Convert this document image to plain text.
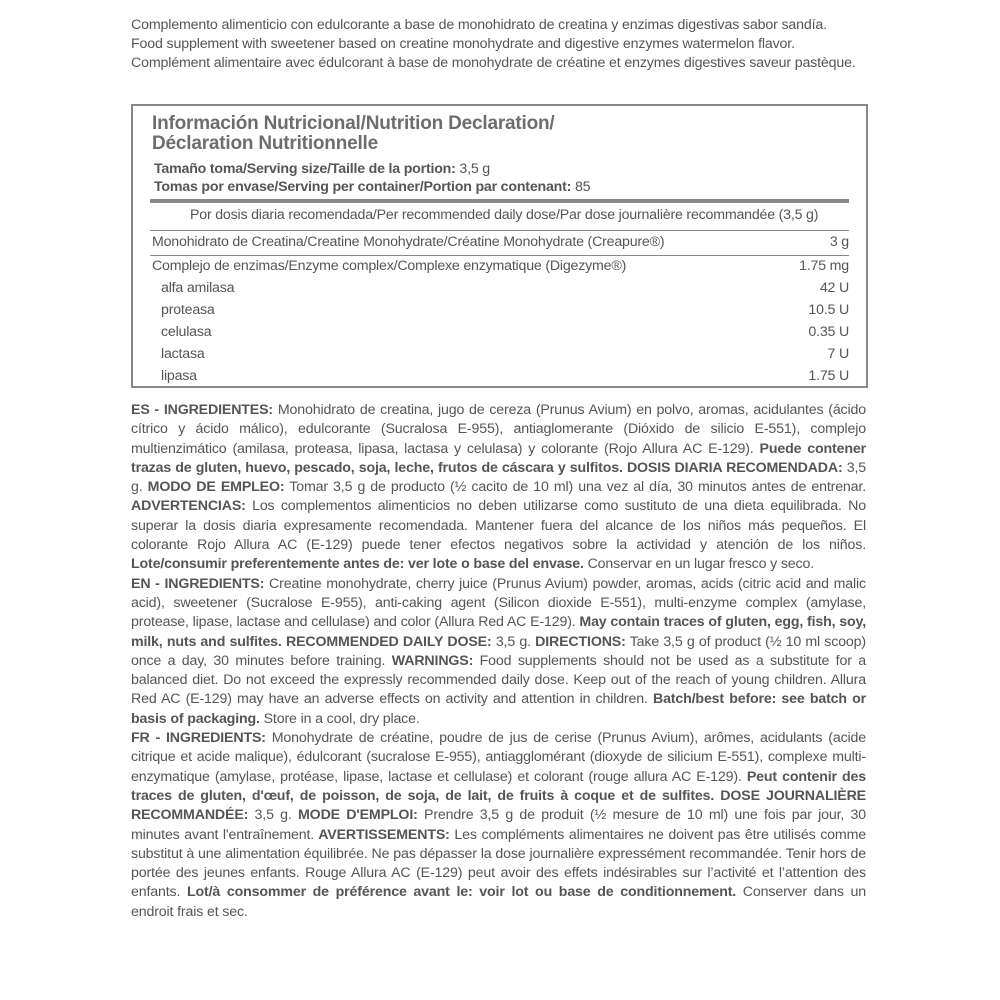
Complemento alimenticio con edulcorante a base de monohidrato de creatina y enzimas digestivas sabor sandía.

Food supplement with sweetener based on creatine monohydrate and digestive enzymes watermelon flavor.

Complément alimentaire avec édulcorant à base de monohydrate de créatine et enzymes digestives saveur pastèque.

Información Nutricional/Nutrition Declaration/
Déclaration Nutritionnelle
Tamaño toma/Serving size/Taille de la portion: 3,5 g
Tomas por envase/Serving per container/Portion par contenant: 85
Por dosis diaria recomendada/Per recommended daily dose/Par dose journalière recommandée (3,5 g)
Monohidrato de Creatina/Creatine Monohydrate/Créatine Monohydrate (Creapure®)	3 g
Complejo de enzimas/Enzyme complex/Complexe enzymatique (Digezyme®)	1.75 mg
alfa amilasa	42 U
proteasa	10.5 U
celulasa	0.35 U
lactasa	7 U
lipasa	1.75 U

ES - INGREDIENTES: Monohidrato de creatina, jugo de cereza (Prunus Avium) en polvo, aromas, acidulantes (ácido cítrico y ácido málico), edulcorante (Sucralosa E-955), antiaglomerante (Dióxido de silicio E-551), complejo multienzimático (amilasa, proteasa, lipasa, lactasa y celulasa) y colorante (Rojo Allura AC E-129). Puede contener trazas de gluten, huevo, pescado, soja, leche, frutos de cáscara y sulfitos. DOSIS DIARIA RECOMENDADA: 3,5 g. MODO DE EMPLEO: Tomar 3,5 g de producto (½ cacito de 10 ml) una vez al día, 30 minutos antes de entrenar. ADVERTENCIAS: Los complementos alimenticios no deben utilizarse como sustituto de una dieta equilibrada. No superar la dosis diaria expresamente recomendada. Mantener fuera del alcance de los niños más pequeños. El colorante Rojo Allura AC (E-129) puede tener efectos negativos sobre la actividad y atención de los niños. Lote/consumir preferentemente antes de: ver lote o base del envase. Conservar en un lugar fresco y seco.

EN - INGREDIENTS: Creatine monohydrate, cherry juice (Prunus Avium) powder, aromas, acids (citric acid and malic acid), sweetener (Sucralose E-955), anti-caking agent (Silicon dioxide E-551), multi-enzyme complex (amylase, protease, lipase, lactase and cellulase) and color (Allura Red AC E-129). May contain traces of gluten, egg, fish, soy, milk, nuts and sulfites. RECOMMENDED DAILY DOSE: 3,5 g. DIRECTIONS: Take 3,5 g of product (½ 10 ml scoop) once a day, 30 minutes before training. WARNINGS: Food supplements should not be used as a substitute for a balanced diet. Do not exceed the expressly recommended daily dose. Keep out of the reach of young children. Allura Red AC (E-129) may have an adverse effects on activity and attention in children. Batch/best before: see batch or basis of packaging. Store in a cool, dry place.

FR - INGREDIENTS: Monohydrate de créatine, poudre de jus de cerise (Prunus Avium), arômes, acidulants (acide citrique et acide malique), édulcorant (sucralose E-955), antiagglomérant (dioxyde de silicium E-551), complexe multi-enzymatique (amylase, protéase, lipase, lactase et cellulase) et colorant (rouge allura AC E-129). Peut contenir des traces de gluten, d'œuf, de poisson, de soja, de lait, de fruits à coque et de sulfites. DOSE JOURNALIÈRE RECOMMANDÉE: 3,5 g. MODE D'EMPLOI: Prendre 3,5 g de produit (½ mesure de 10 ml) une fois par jour, 30 minutes avant l'entraînement. AVERTISSEMENTS: Les compléments alimentaires ne doivent pas être utilisés comme substitut à une alimentation équilibrée. Ne pas dépasser la dose journalière expressément recommandée. Tenir hors de portée des jeunes enfants. Rouge Allura AC (E-129) peut avoir des effets indésirables sur l’activité et l’attention des enfants. Lot/à consommer de préférence avant le: voir lot ou base de conditionnement. Conserver dans un endroit frais et sec.
